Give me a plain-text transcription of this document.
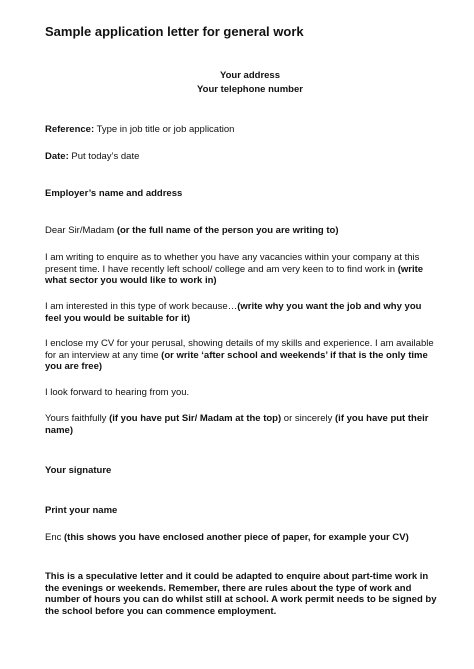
Sample application letter for general work
Your address
Your telephone number
Reference: Type in job title or job application
Date: Put today’s date
Employer’s name and address
Dear Sir/Madam (or the full name of the person you are writing to)
I am writing to enquire as to whether you have any vacancies within your company at this present time. I have recently left school/ college and am very keen to to find work in (write what sector you would like to work in)
I am interested in this type of work because…(write why you want the job and why you feel you would be suitable for it)
I enclose my CV for your perusal, showing details of my skills and experience. I am available for an interview at any time (or write ‘after school and weekends’ if that is the only time you are free)
I look forward to hearing from you.
Yours faithfully (if you have put Sir/ Madam at the top) or sincerely (if you have put their name)
Your signature
Print your name
Enc (this shows you have enclosed another piece of paper, for example your CV)
This is a speculative letter and it could be adapted to enquire about part-time work in the evenings or weekends. Remember, there are rules about the type of work and number of hours you can do whilst still at school. A work permit needs to be signed by the school before you can commence employment.
